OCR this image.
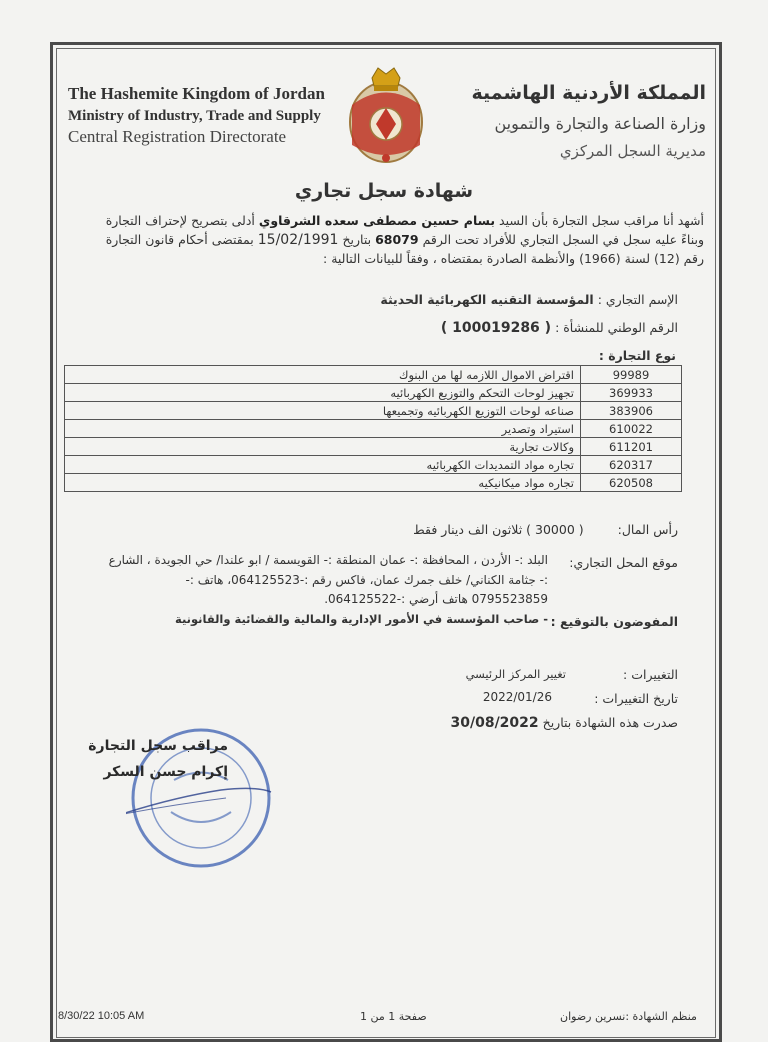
The Hashemite Kingdom of Jordan
Ministry of Industry, Trade and Supply
Central Registration Directorate
المملكة الأردنية الهاشمية
وزارة الصناعة والتجارة والتموين
مديرية السجل المركزي
شهادة سجل تجاري
أشهد أنا مراقب سجل التجارة بأن السيد بسام حسين مصطفى سعده الشرقاوي أدلى بتصريح لإحتراف التجارة
وبناءً عليه سجل في السجل التجاري للأفراد تحت الرقم 68079 بتاريخ 15/02/1991 بمقتضى أحكام قانون التجارة
رقم (12) لسنة (1966) والأنظمة الصادرة بمقتضاه ، وفقاً للبيانات التالية :
الإسم التجاري : المؤسسة التقنيه الكهربائية الحديثة
الرقم الوطني للمنشأة : ( 100019286 )
نوع التجارة :
اقتراض الاموال اللازمه لها من البنوك	99989
تجهيز لوحات التحكم والتوزيع الكهربائيه	369933
صناعه لوحات التوزيع الكهربائيه وتجميعها	383906
استيراد وتصدير	610022
وكالات تجارية	611201
تجاره مواد التمديدات الكهربائيه	620317
تجاره مواد ميكانيكيه	620508
رأس المال: ( 30000 ) ثلاثون الف دينار فقط
موقع المحل التجاري:
البلد :- الأردن ، المحافظة :- عمان المنطقة :- القويسمة / ابو علندا/ حي الجويدة ، الشارع
:- جثامة الكناني/ خلف جمرك عمان، فاكس رقم :-064125523، هاتف :-
0795523859 هاتف أرضي :-064125522.
المفوضون بالتوقيع :
- صاحب المؤسسة في الأمور الإدارية والمالية والقضائية والقانونية
التغييرات :
تغيير المركز الرئيسي
تاريخ التغييرات :
2022/01/26
صدرت هذه الشهادة بتاريخ 30/08/2022
مراقب سجل التجارة
إكرام حسن السكر
8/30/22 10:05 AM	صفحة 1 من 1	منظم الشهادة :نسرين رضوان
